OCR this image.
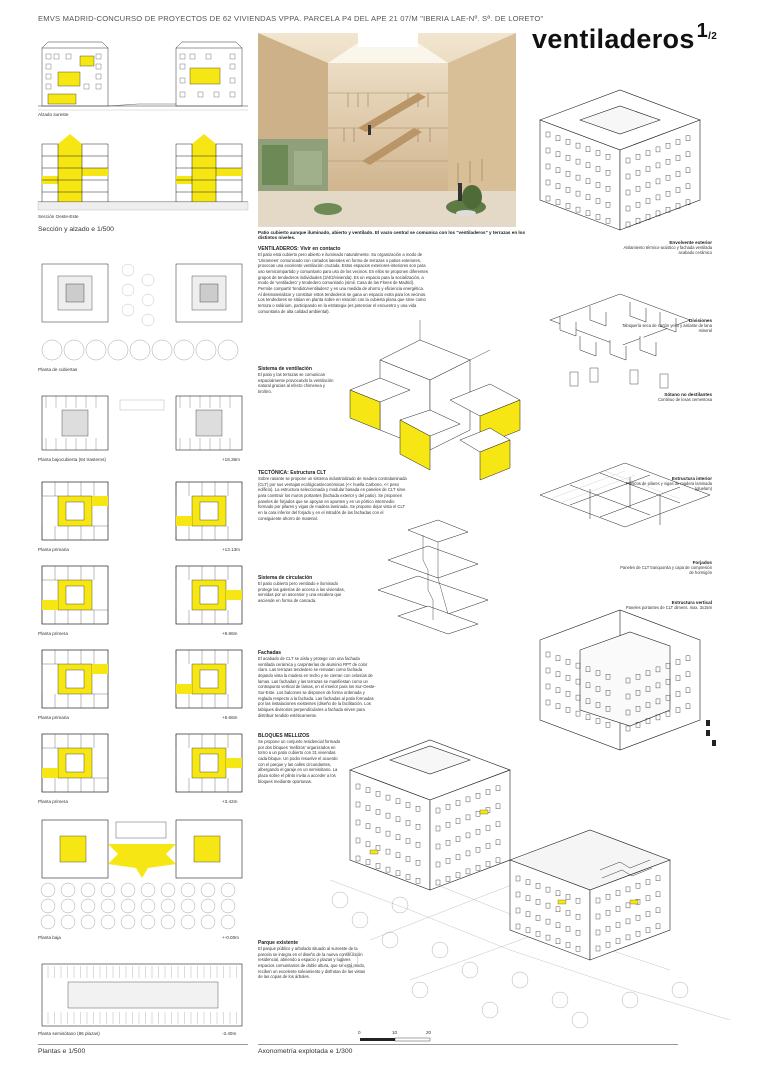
EMVS MADRID-CONCURSO DE PROYECTOS DE 62 VIVIENDAS VPPA. PARCELA P4 DEL APE 21 07/M "IBERIA LAE-Nº. Sª. DE LORETO"
ventiladeros $^{1/2}$
Alzado sureste
Sección Oeste-Este
Sección y alzado e 1/500
Planta de cubiertas
Planta bajocubierta (84 trasteros)	+16.36m
Planta primaria	+13.13m
Planta primera	+9.86m
Planta primaria	+6.66m
Planta primera	+3.42m
Planta baja	+-0.00m
Planta semisótano (86 plazas)	-3.40m
Plantas e 1/500
Patio cubierto aunque iluminado, abierto y ventilado. El vacío central se comunica con los "ventiladeros" y terrazas en los distintos niveles.
VENTILADEROS: Vivir en contacto
El patio está cubierto pero abierto e iluminado naturalmente. Su organización a modo de 'Unramees' comunicado con cortados laterales en forma de terrazas o patios exteriores, provocan una excelente ventilación cruzada. Estos espacios exteriores-interiores son para uso semicompartido y comunitario para uso de los vecinos. En ellos se proponen diferentes grupos de tendederos individuales (3/4/2/vivienda). Es un espacio para la socialización, a modo de 'ventiladero' y tendedero comunitario (simil. Casa de las Flores de Madrid). Permite compartir 'tendido/ventiladero' y es una medida de ahorro y eficiencia energética. Al desmaterializar y constituir estos tendederos se gana un espacio extra para los vecinos. Los tendedores se sitúan en planta sobre en relación con la cubierta plana que sirve como terraza o solárium, participando en la estrategia (es potenciar el encuentro y una vida comunitaria de alta calidad ambiental).
Sistema de ventilación
El patio y las terrazas se comunican espacialmente provocando la ventilación natural gracias al efecto chimenea y tiro/tiro.
TECTÓNICA: Estructura CLT
Sobre rasante se propone un sistema industrializado de madera contralaminada (CLT) por sus ventajas ecológicas/económicas (<< huella Carbono, << peso edificio). La estructura seleccionada y modular basada en paneles de CLT sirve para construir los muros portantes (fachada exterior y del patio). Se proponen paneles de forjados que se apoyan en apuntes y en un pórtico intermedio formado por pilares y vigas de madera laminada. Se propone dejar vista el CLT en la cara inferior del forjado y en el intradós de las fachadas con el consiguiente ahorro de material.
Sistema de circulación
El patio cubierto pero ventilado e iluminado protege las galerías de acceso a las viviendas, servidas por un ascensor y una escalera que asciende en forma de cascada.
Fachadas
El acabado de CLT se aísla y protege con una fachada ventilada cerámica y carpinterías de aluminio RPT de color claro. Las terrazas tendedero se rematan como fachada dejando vista la madera en techo y se cierran con celosías de lamas. Las fachadas y las terrazas se manifiestan como un contrapunto vertical de lamas, en el interior para los Sur-Oeste-Sur-Este. Los balcones se disponen de forma ordenada y reglada respecto a la fachada. Las fachadas al patio formadas por las instalaciones existentes (diseño de la facilitación. Los tabiques divisorios perpendiculares a fachada sirven para distribuir tendido estéticamente.
BLOQUES MELLIZOS
Se propone un conjunto residencial formado por dos bloques 'mellizos' organizados en torno a un patio cubierto con 31 viviendas cada bloque. Un podio resuelve el acuerdo con el parque y las calles circundantes, albergando el garaje en un semisótano. La plaza sobre el plinto invita a acceder a los bloques mediante oportunas.
Parque existente
El parque público y arbolado situado al suroeste de la parcela se integra en el diseño de la nueva construcción residencial, abriendo a espacio y plazas y lugares espacios comunitarios de doble altura, que se está modo, reciben un excelente soleamiento y disfrutan de las vistas de las copas de los árboles.
Envolvente exterior
Aislamiento térmico-acústico y fachada ventilada acabado cerámico
Divisiones
Tabiquería seca de cartón yeso y aislante de lana mineral
Sótano no destilantes
Continuo de losas cementosa
Estructura interior
Pórticos de pilares y vigas de madera laminada (gluelam)
Forjados
Paneles de CLT tranquonita y capa de compresión de hormigón
Estructura vertical
Paneles portantes de CLT dimens. max. 3x15m
Axonometría explotada e 1/300
0	10	20
